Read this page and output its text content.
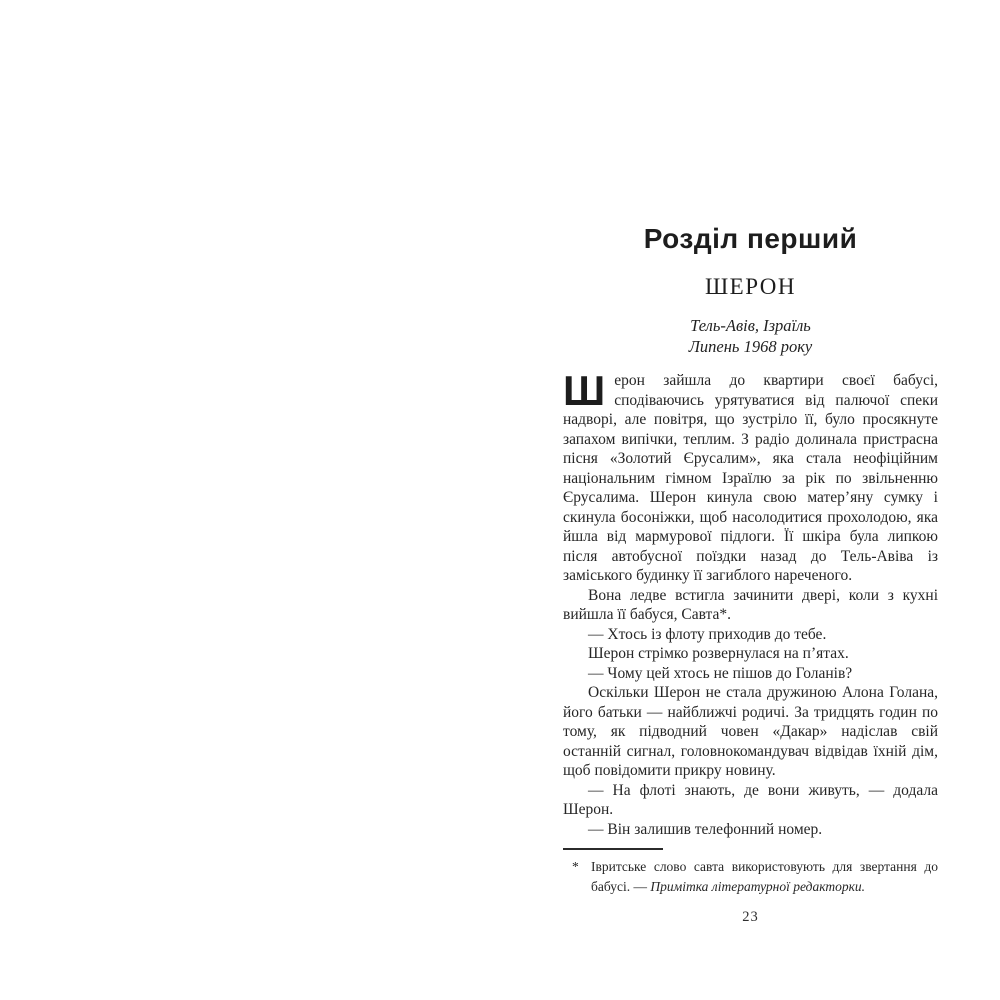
Розділ перший
ШЕРОН
Тель-Авів, Ізраїль
Липень 1968 року

Шерон зайшла до квартири своєї бабусі, сподіваючись урятуватися від палючої спеки надворі, але повітря, що зустріло її, було просякнуте запахом випічки, теплим. З радіо долинала пристрасна пісня «Золотий Єрусалим», яка стала неофіційним національним гімном Ізраїлю за рік по звільненню Єрусалима. Шерон кинула свою матер’яну сумку і скинула босоніжки, щоб насолодитися прохолодою, яка йшла від мармурової підлоги. Її шкіра була липкою після автобусної поїздки назад до Тель-Авіва із заміського будинку її загиблого нареченого.

Вона ледве встигла зачинити двері, коли з кухні вийшла її бабуся, Савта*.

— Хтось із флоту приходив до тебе.

Шерон стрімко розвернулася на п’ятах.

— Чому цей хтось не пішов до Голанів?

Оскільки Шерон не стала дружиною Алона Голана, його батьки — найближчі родичі. За тридцять годин по тому, як підводний човен «Дакар» надіслав свій останній сигнал, головнокомандувач відвідав їхній дім, щоб повідомити прикру новину.

— На флоті знають, де вони живуть, — додала Шерон.

— Він залишив телефонний номер.

* Івритське слово савта використовують для звертання до бабусі. — Примітка літературної редакторки.
23
